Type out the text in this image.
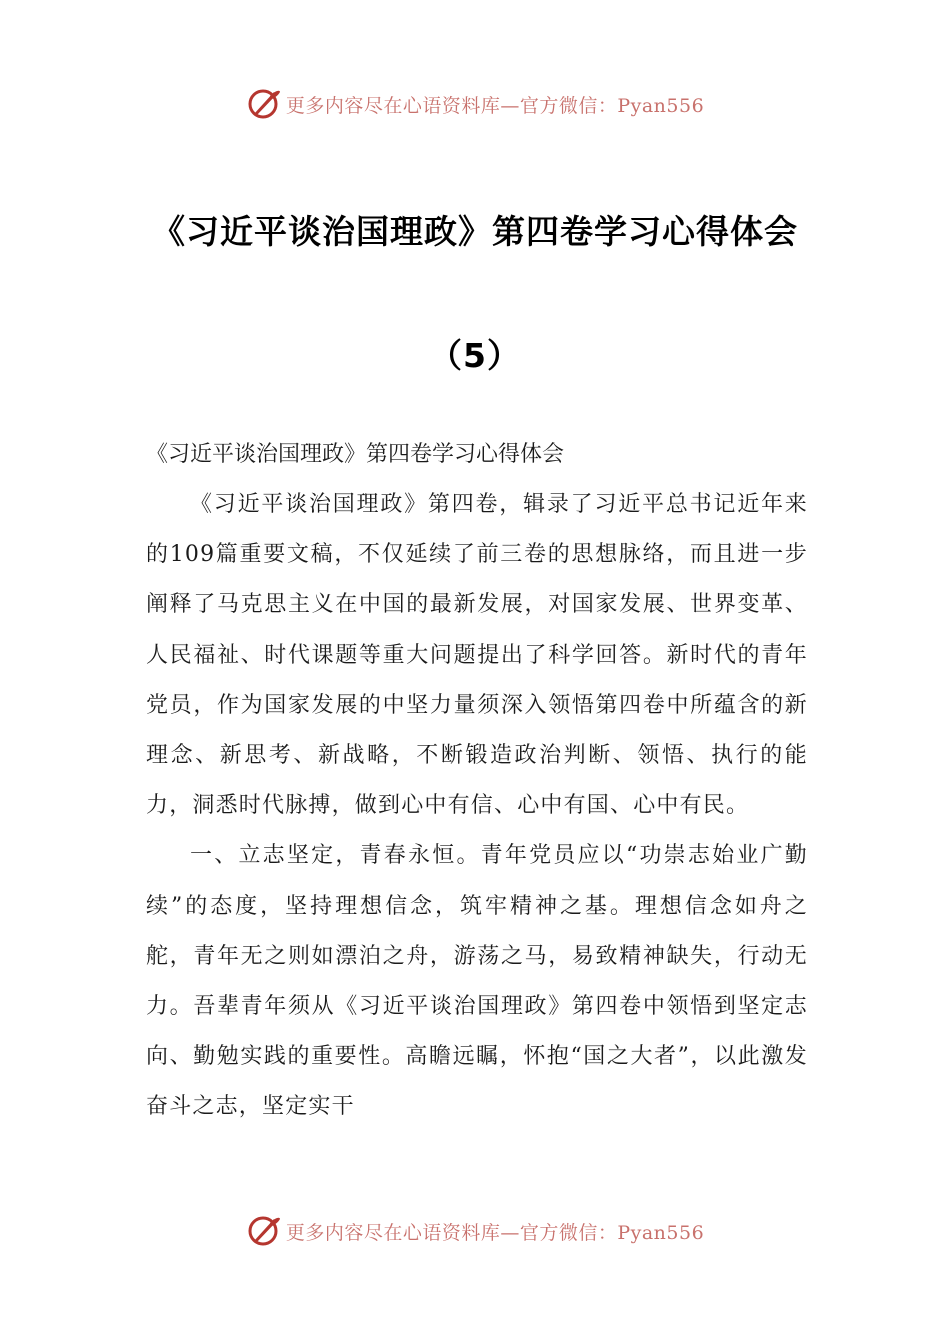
更多内容尽在心语资料库—官方微信：Pyan556
《习近平谈治国理政》第四卷学习心得体会（5）

《习近平谈治国理政》第四卷学习心得体会

《习近平谈治国理政》第四卷，辑录了习近平总书记近年来的109篇重要文稿，不仅延续了前三卷的思想脉络，而且进一步阐释了马克思主义在中国的最新发展，对国家发展、世界变革、人民福祉、时代课题等重大问题提出了科学回答。新时代的青年党员，作为国家发展的中坚力量须深入领悟第四卷中所蕴含的新理念、新思考、新战略，不断锻造政治判断、领悟、执行的能力，洞悉时代脉搏，做到心中有信、心中有国、心中有民。

一、立志坚定，青春永恒。青年党员应以“功崇志始业广勤续”的态度，坚持理想信念，筑牢精神之基。理想信念如舟之舵，青年无之则如漂泊之舟，游荡之马，易致精神缺失，行动无力。吾辈青年须从《习近平谈治国理政》第四卷中领悟到坚定志向、勤勉实践的重要性。高瞻远瞩，怀抱“国之大者”，以此激发奋斗之志，坚定实干

更多内容尽在心语资料库—官方微信：Pyan556
